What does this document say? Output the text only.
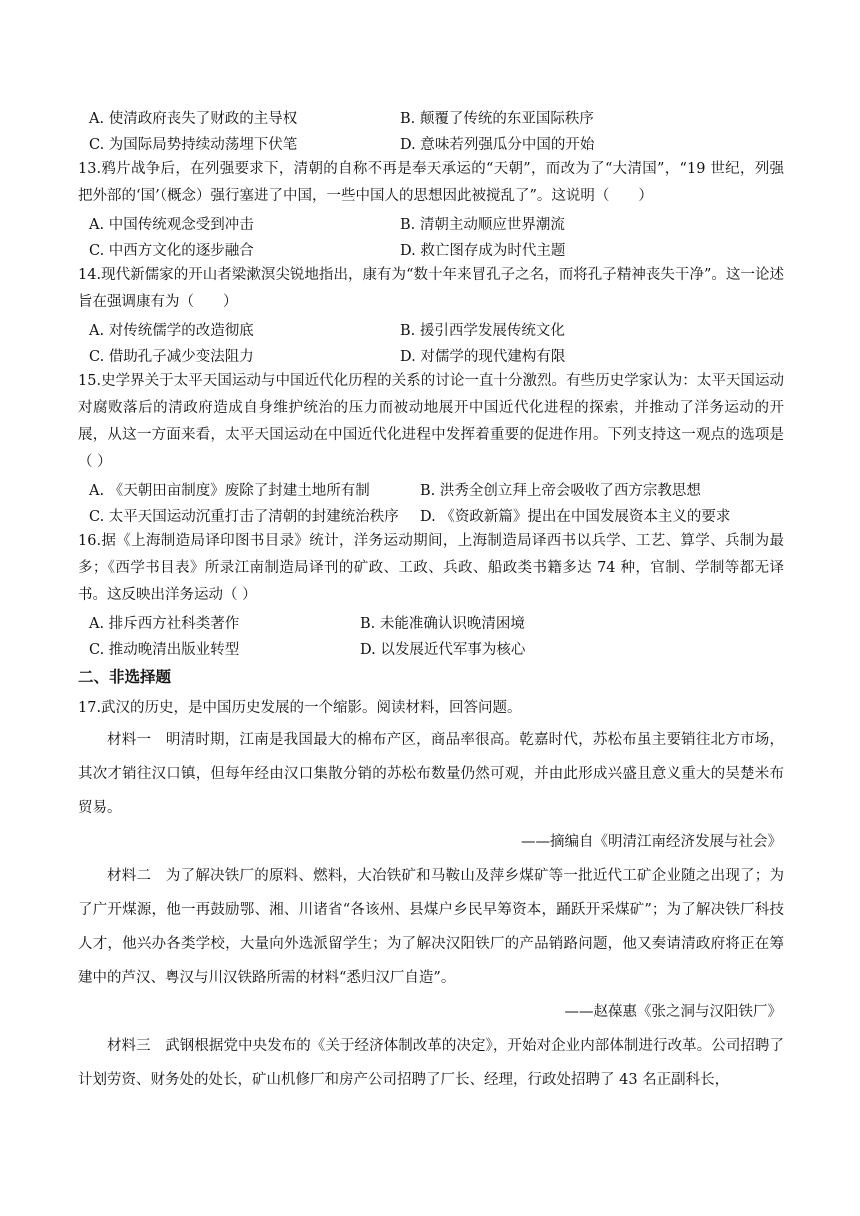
A. 使清政府丧失了财政的主导权	B. 颠覆了传统的东亚国际秩序
C. 为国际局势持续动荡埋下伏笔	D. 意味若列强瓜分中国的开始

13.鸦片战争后，在列强要求下，清朝的自称不再是奉天承运的“天朝”，而改为了“大清国”，“19 世纪，列强把外部的‘国’（概念）强行塞进了中国，一些中国人的思想因此被搅乱了”。这说明（　　）

A. 中国传统观念受到冲击	B. 清朝主动顺应世界潮流
C. 中西方文化的逐步融合	D. 救亡图存成为时代主题

14.现代新儒家的开山者梁漱溟尖锐地指出，康有为“数十年来冒孔子之名，而将孔子精神丧失干净”。这一论述旨在强调康有为（　　）

A. 对传统儒学的改造彻底	B. 援引西学发展传统文化
C. 借助孔子减少变法阻力	D. 对儒学的现代建构有限

15.史学界关于太平天国运动与中国近代化历程的关系的讨论一直十分激烈。有些历史学家认为：太平天国运动对腐败落后的清政府造成自身维护统治的压力而被动地展开中国近代化进程的探索，并推动了洋务运动的开展，从这一方面来看，太平天国运动在中国近代化进程中发挥着重要的促进作用。下列支持这一观点的选项是（ ）

A. 《天朝田亩制度》废除了封建土地所有制	B. 洪秀全创立拜上帝会吸收了西方宗教思想
C. 太平天国运动沉重打击了清朝的封建统治秩序	D. 《资政新篇》提出在中国发展资本主义的要求

16.据《上海制造局译印图书目录》统计，洋务运动期间，上海制造局译西书以兵学、工艺、算学、兵制为最多；《西学书目表》所录江南制造局译刊的矿政、工政、兵政、船政类书籍多达 74 种，官制、学制等都无译书。这反映出洋务运动（ ）

A. 排斥西方社科类著作	B. 未能准确认识晚清困境
C. 推动晚清出版业转型	D. 以发展近代军事为核心
二、非选择题

17.武汉的历史，是中国历史发展的一个缩影。阅读材料，回答问题。

材料一　明清时期，江南是我国最大的棉布产区，商品率很高。乾嘉时代，苏松布虽主要销往北方市场，其次才销往汉口镇，但每年经由汉口集散分销的苏松布数量仍然可观，并由此形成兴盛且意义重大的吴楚米布贸易。

——摘编自《明清江南经济发展与社会》

材料二　为了解决铁厂的原料、燃料，大冶铁矿和马鞍山及萍乡煤矿等一批近代工矿企业随之出现了；为了广开煤源，他一再鼓励鄂、湘、川诸省“各该州、县煤户乡民早筹资本，踊跃开采煤矿”；为了解决铁厂科技人才，他兴办各类学校，大量向外选派留学生；为了解决汉阳铁厂的产品销路问题，他又奏请清政府将正在筹建中的芦汉、粤汉与川汉铁路所需的材料“悉归汉厂自造”。

——赵葆惠《张之洞与汉阳铁厂》

材料三　武钢根据党中央发布的《关于经济体制改革的决定》，开始对企业内部体制进行改革。公司招聘了计划劳资、财务处的处长，矿山机修厂和房产公司招聘了厂长、经理，行政处招聘了 43 名正副科长，
